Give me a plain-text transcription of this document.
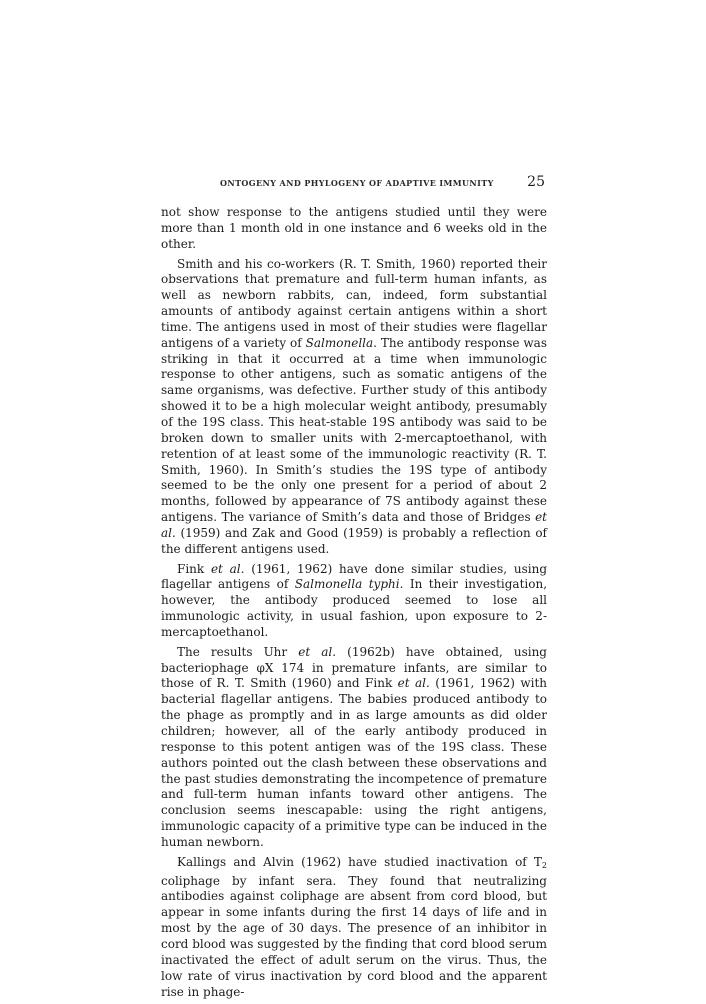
ONTOGENY AND PHYLOGENY OF ADAPTIVE IMMUNITY 25

not show response to the antigens studied until they were more than 1 month old in one instance and 6 weeks old in the other.

Smith and his co-workers (R. T. Smith, 1960) reported their observations that premature and full-term human infants, as well as newborn rabbits, can, indeed, form substantial amounts of antibody against certain antigens within a short time. The antigens used in most of their studies were flagellar antigens of a variety of Salmonella. The antibody response was striking in that it occurred at a time when immunologic response to other antigens, such as somatic antigens of the same organisms, was defective. Further study of this antibody showed it to be a high molecular weight antibody, presumably of the 19S class. This heat-stable 19S antibody was said to be broken down to smaller units with 2-mercaptoethanol, with retention of at least some of the immunologic reactivity (R. T. Smith, 1960). In Smith’s studies the 19S type of antibody seemed to be the only one present for a period of about 2 months, followed by appearance of 7S antibody against these antigens. The variance of Smith’s data and those of Bridges et al. (1959) and Zak and Good (1959) is probably a reflection of the different antigens used.

Fink et al. (1961, 1962) have done similar studies, using flagellar antigens of Salmonella typhi. In their investigation, however, the antibody produced seemed to lose all immunologic activity, in usual fashion, upon exposure to 2-mercaptoethanol.

The results Uhr et al. (1962b) have obtained, using bacteriophage φX 174 in premature infants, are similar to those of R. T. Smith (1960) and Fink et al. (1961, 1962) with bacterial flagellar antigens. The babies produced antibody to the phage as promptly and in as large amounts as did older children; however, all of the early antibody produced in response to this potent antigen was of the 19S class. These authors pointed out the clash between these observations and the past studies demonstrating the incompetence of premature and full-term human infants toward other antigens. The conclusion seems inescapable: using the right antigens, immunologic capacity of a primitive type can be induced in the human newborn.

Kallings and Alvin (1962) have studied inactivation of $T_2$ coliphage by infant sera. They found that neutralizing antibodies against coliphage are absent from cord blood, but appear in some infants during the first 14 days of life and in most by the age of 30 days. The presence of an inhibitor in cord blood was suggested by the finding that cord blood serum inactivated the effect of adult serum on the virus. Thus, the low rate of virus inactivation by cord blood and the apparent rise in phage-
